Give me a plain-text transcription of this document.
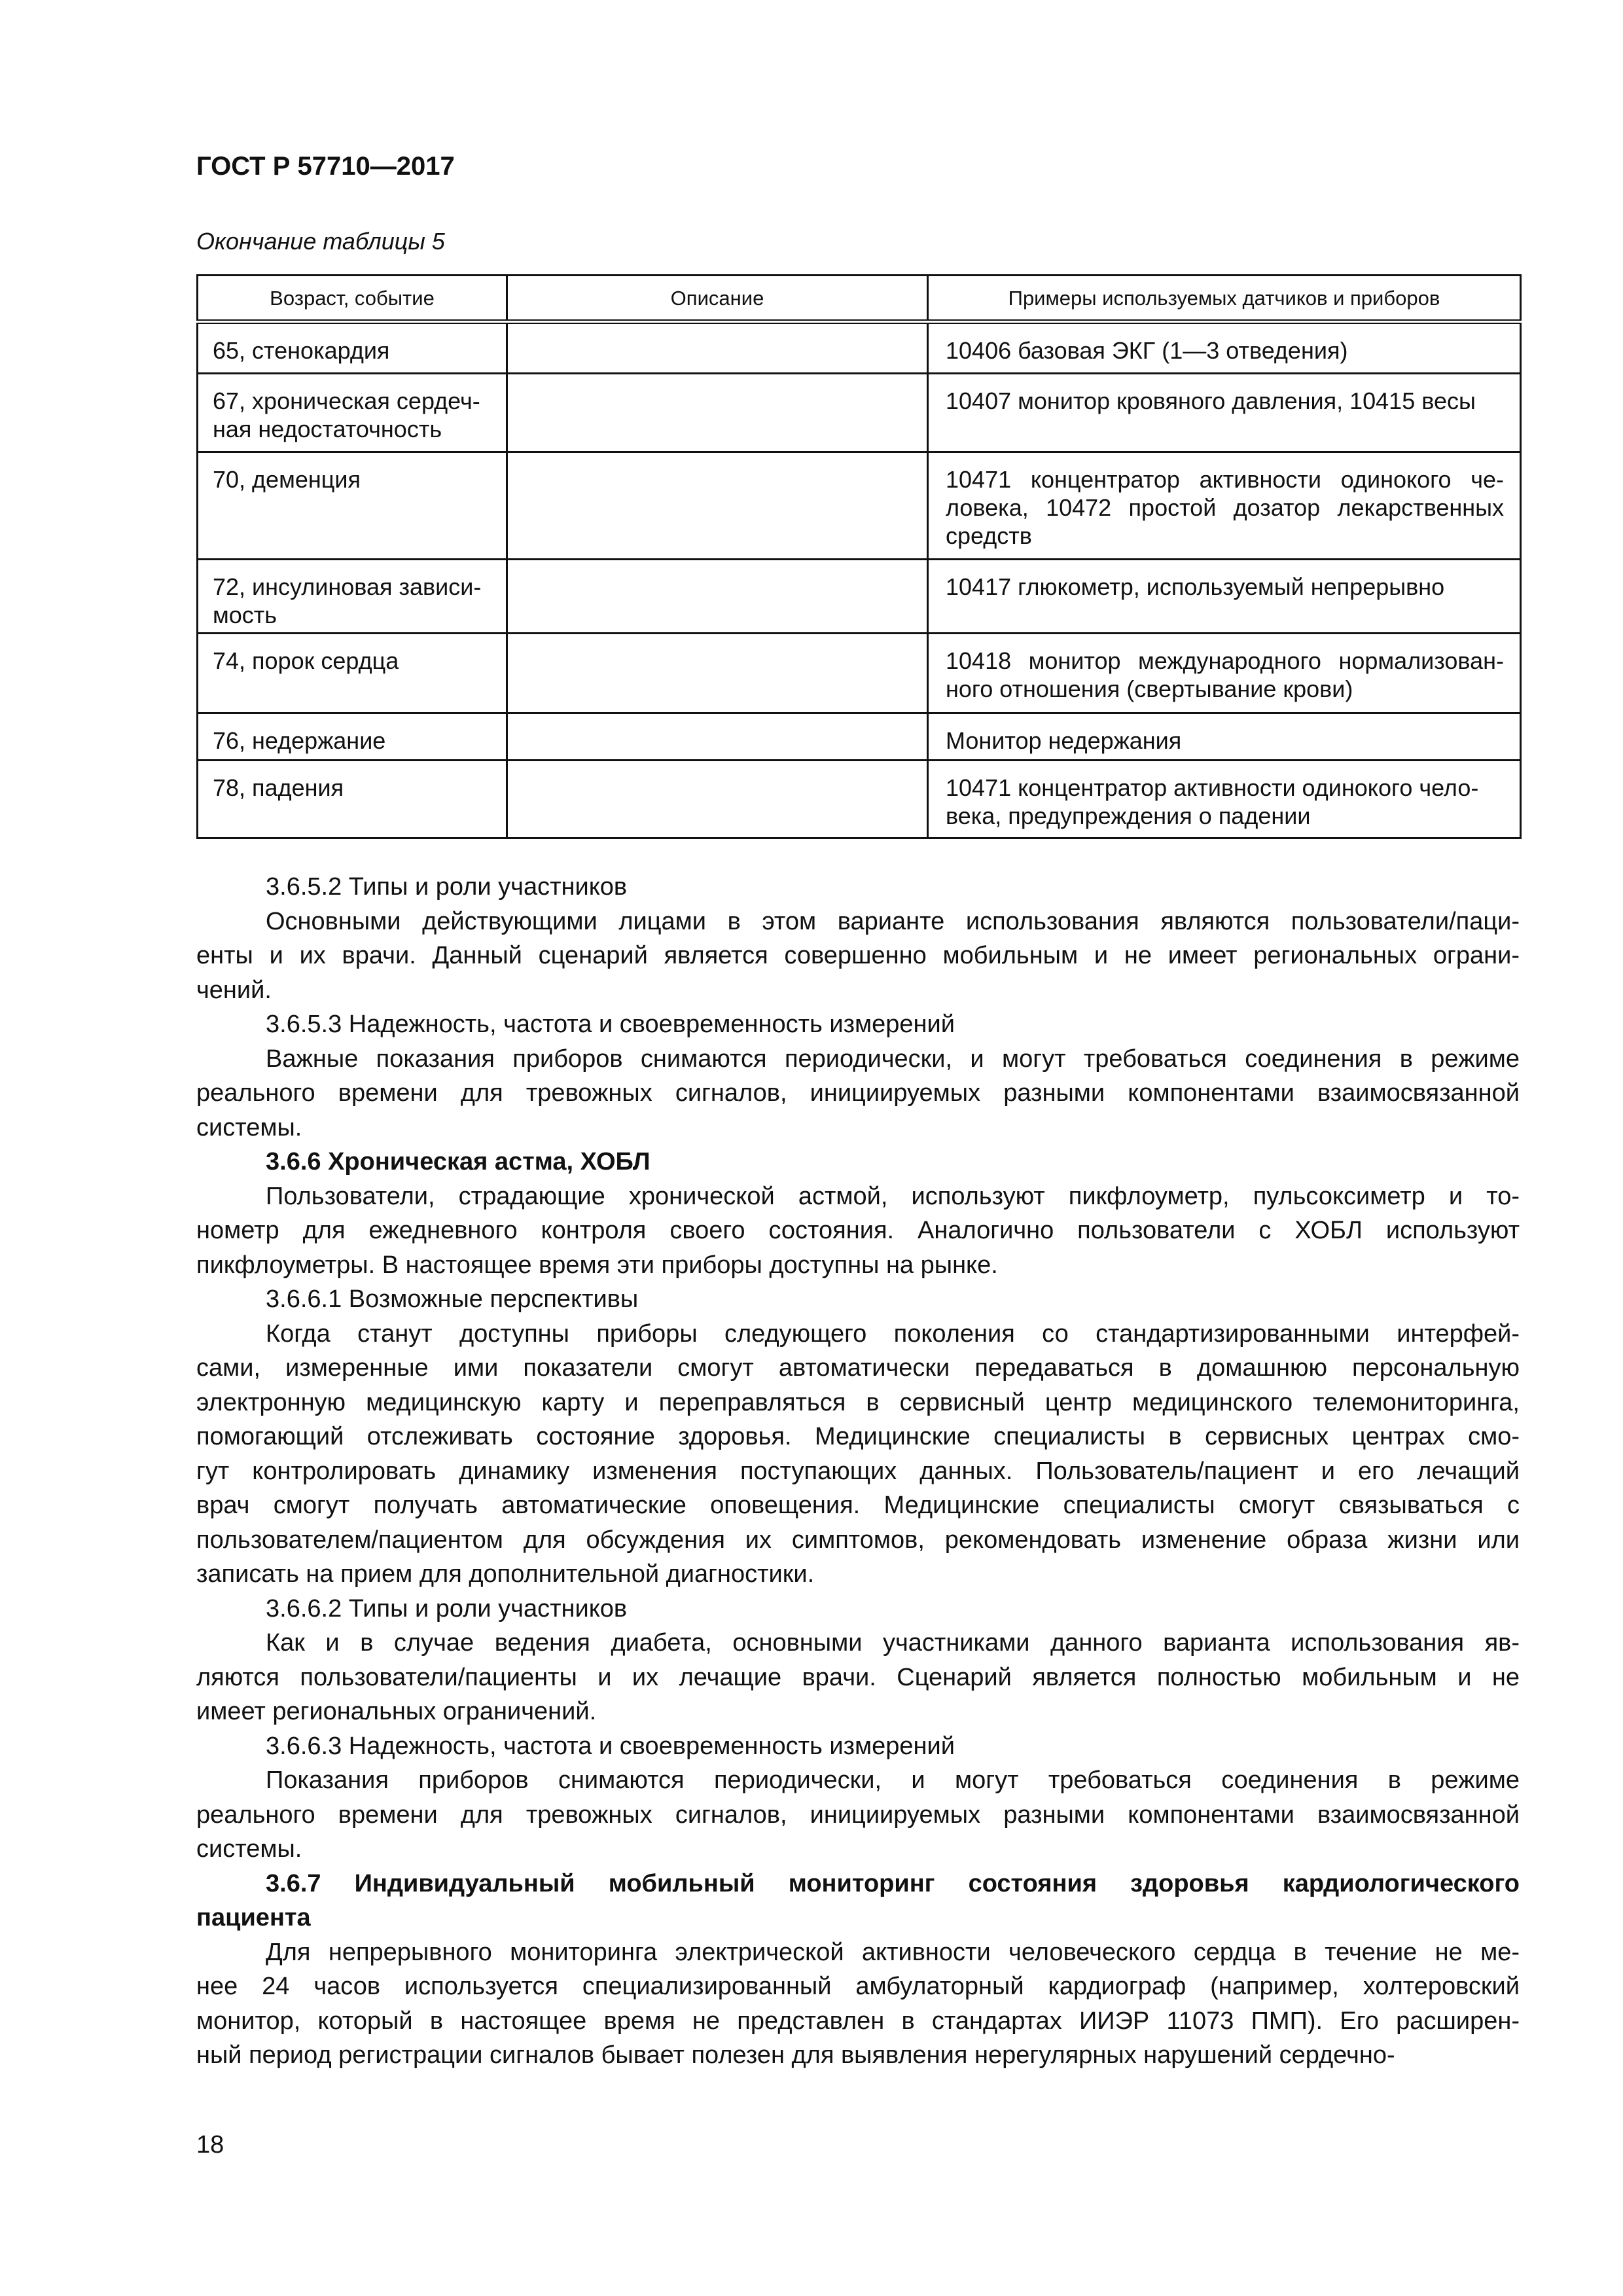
ГОСТ Р 57710—2017
Окончание таблицы 5
Возраст, событие	Описание	Примеры используемых датчиков и приборов

65, стенокардия		10406 базовая ЭКГ (1—3 отведения)

67, хроническая сердеч-
ная недостаточность		10407 монитор кровяного давления, 10415 весы

70, деменция		10471 концентратор активности одинокого че-
ловека, 10472 простой дозатор лекарственных
средств

72, инсулиновая зависи-
мость		10417 глюкометр, используемый непрерывно

74, порок сердца		10418 монитор международного нормализован-
ного отношения (свертывание крови)

76, недержание		Монитор недержания

78, падения		10471 концентратор активности одинокого чело-
века, предупреждения о падении
3.6.5.2 Типы и роли участников
Основными действующими лицами в этом варианте использования являются пользователи/паци-
енты и их врачи. Данный сценарий является совершенно мобильным и не имеет региональных ограни-
чений.
3.6.5.3 Надежность, частота и своевременность измерений
Важные показания приборов снимаются периодически, и могут требоваться соединения в режиме
реального времени для тревожных сигналов, инициируемых разными компонентами взаимосвязанной
системы.
3.6.6 Хроническая астма, ХОБЛ
Пользователи, страдающие хронической астмой, используют пикфлоуметр, пульсоксиметр и то-
нометр для ежедневного контроля своего состояния. Аналогично пользователи с ХОБЛ используют
пикфлоуметры. В настоящее время эти приборы доступны на рынке.
3.6.6.1 Возможные перспективы
Когда станут доступны приборы следующего поколения со стандартизированными интерфей-
сами, измеренные ими показатели смогут автоматически передаваться в домашнюю персональную
электронную медицинскую карту и переправляться в сервисный центр медицинского телемониторинга,
помогающий отслеживать состояние здоровья. Медицинские специалисты в сервисных центрах смо-
гут контролировать динамику изменения поступающих данных. Пользователь/пациент и его лечащий
врач смогут получать автоматические оповещения. Медицинские специалисты смогут связываться с
пользователем/пациентом для обсуждения их симптомов, рекомендовать изменение образа жизни или
записать на прием для дополнительной диагностики.
3.6.6.2 Типы и роли участников
Как и в случае ведения диабета, основными участниками данного варианта использования яв-
ляются пользователи/пациенты и их лечащие врачи. Сценарий является полностью мобильным и не
имеет региональных ограничений.
3.6.6.3 Надежность, частота и своевременность измерений
Показания приборов снимаются периодически, и могут требоваться соединения в режиме
реального времени для тревожных сигналов, инициируемых разными компонентами взаимосвязанной
системы.
3.6.7 Индивидуальный мобильный мониторинг состояния здоровья кардиологического
пациента
Для непрерывного мониторинга электрической активности человеческого сердца в течение не ме-
нее 24 часов используется специализированный амбулаторный кардиограф (например, холтеровский
монитор, который в настоящее время не представлен в стандартах ИИЭР 11073 ПМП). Его расширен-
ный период регистрации сигналов бывает полезен для выявления нерегулярных нарушений сердечно-
18
